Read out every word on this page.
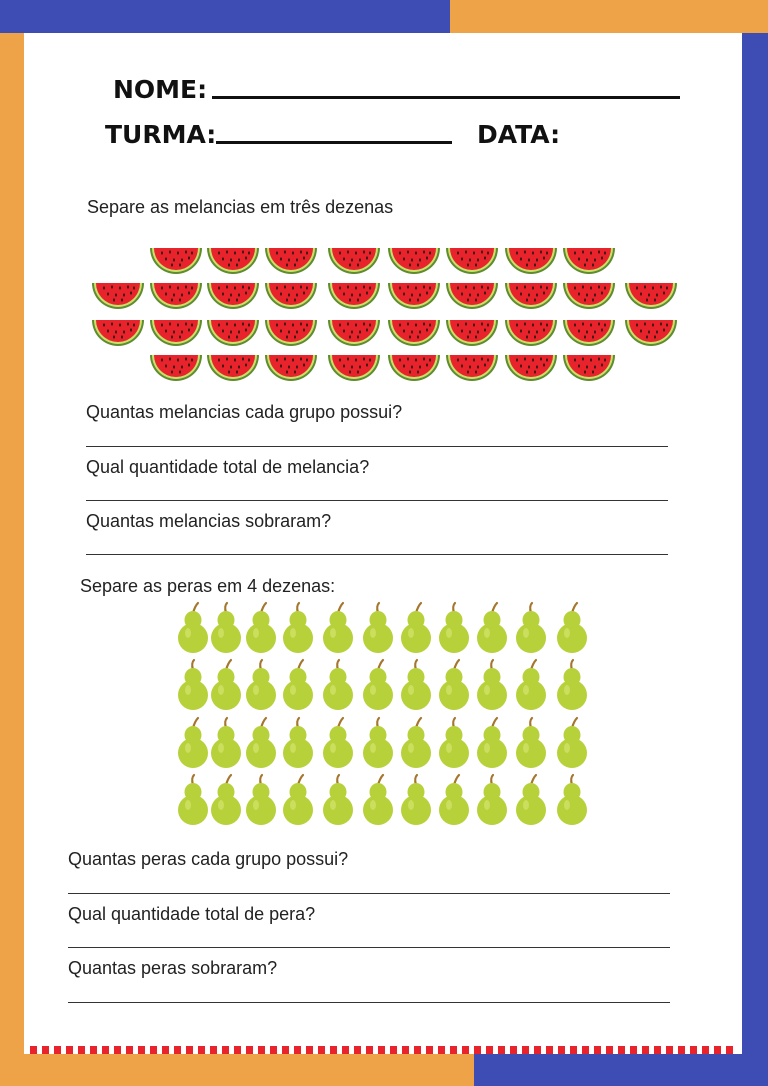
NOME:
TURMA:	DATA:
Separe as melancias em três dezenas
Quantas melancias cada grupo possui?
Qual quantidade total de melancia?
Quantas melancias sobraram?
Separe as peras em 4 dezenas:
Quantas peras cada grupo possui?
Qual quantidade total de pera?
Quantas peras sobraram?
